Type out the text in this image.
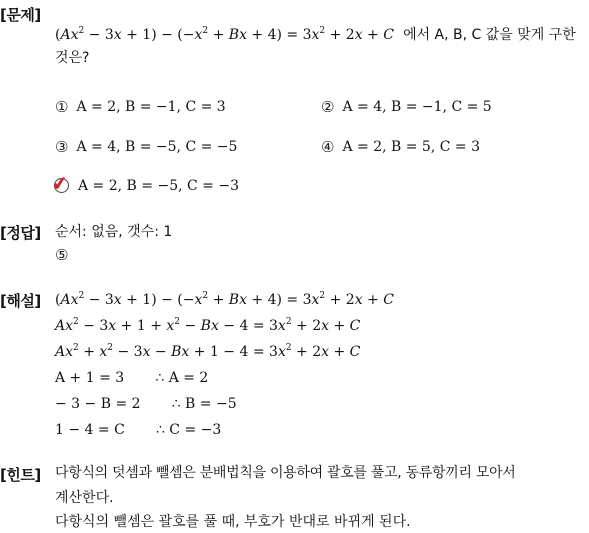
[문제]
$(Ax^2 - 3x + 1) - (-x^2 + Bx + 4) = 3x^2 + 2x + C$ 에서 A, B, C 값을 맞게 구한
것은?
① A = 2, B = −1, C = 3	② A = 4, B = −1, C = 5
③ A = 4, B = −5, C = −5	④ A = 2, B = 5, C = 3
A = 2, B = −5, C = −3
✔
[정답] 순서: 없음, 갯수: 1
⑤
[해설] $(Ax^2 - 3x + 1) - (-x^2 + Bx + 4) = 3x^2 + 2x + C$
$Ax^2 - 3x + 1 + x^2 - Bx - 4 = 3x^2 + 2x + C$
$Ax^2 + x^2 - 3x - Bx + 1 - 4 = 3x^2 + 2x + C$
A + 1 = 3       ∴ A = 2
− 3 − B = 2       ∴ B = −5
1 − 4 = C       ∴ C = −3
[힌트] 다항식의 덧셈과 뺄셈은 분배법칙을 이용하여 괄호를 풀고, 동류항끼리 모아서
계산한다.
다항식의 뺄셈은 괄호를 풀 때, 부호가 반대로 바뀌게 된다.
